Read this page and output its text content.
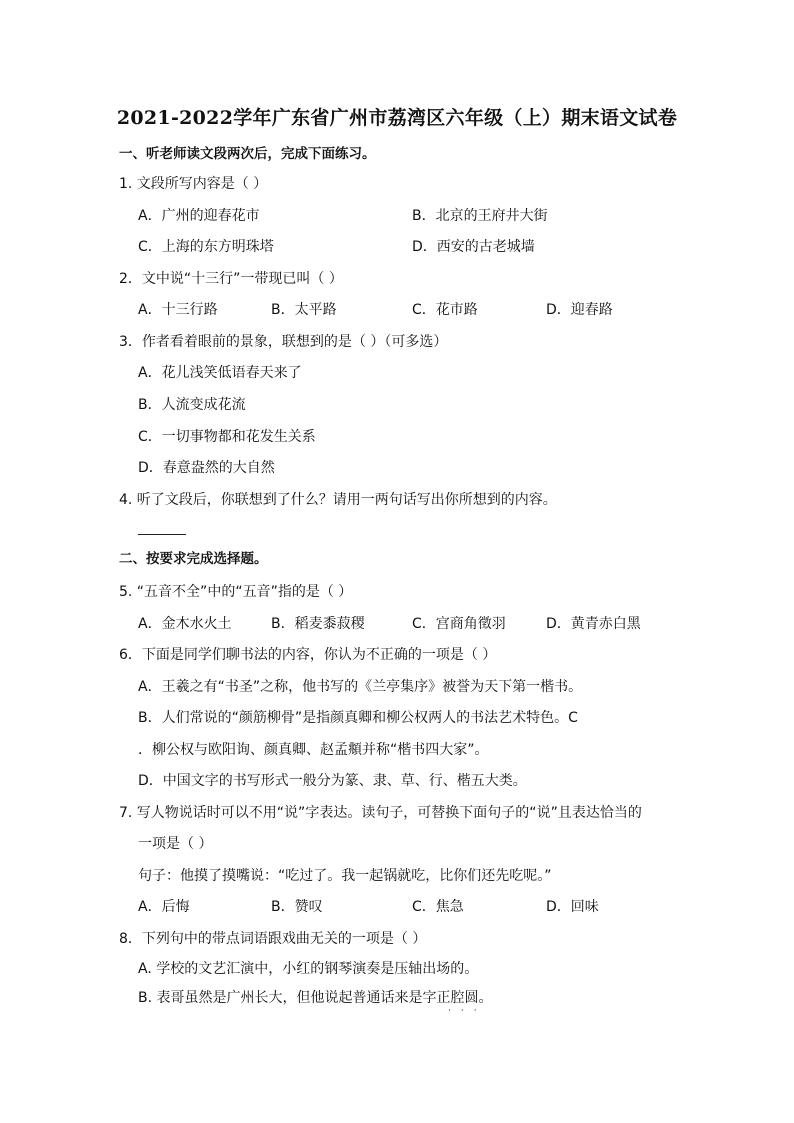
2021-2022学年广东省广州市荔湾区六年级（上）期末语文试卷
一、听老师读文段两次后，完成下面练习。
1. 文段所写内容是（ ）
A．广州的迎春花市	B．北京的王府井大街
C．上海的东方明珠塔	D．西安的古老城墙
2．文中说“十三行”一带现已叫（ ）
A．十三行路	B．太平路	C．花市路	D．迎春路
3．作者看着眼前的景象，联想到的是（ ）（可多选）
A．花儿浅笑低语春天来了
B．人流变成花流
C．一切事物都和花发生关系
D．春意盎然的大自然
4. 听了文段后，你联想到了什么？请用一两句话写出你所想到的内容。
二、按要求完成选择题。
5. “五音不全”中的“五音”指的是（ ）
A．金木水火土	B．稻麦黍菽稷	C．宫商角徵羽	D．黄青赤白黑
6．下面是同学们聊书法的内容，你认为不正确的一项是（ ）
A．王羲之有“书圣”之称，他书写的《兰亭集序》被誉为天下第一楷书。
B．人们常说的“颜筋柳骨”是指颜真卿和柳公权两人的书法艺术特色。C
．柳公权与欧阳询、颜真卿、赵孟頫并称“楷书四大家”。
D．中国文字的书写形式一般分为篆、隶、草、行、楷五大类。
7. 写人物说话时可以不用“说”字表达。读句子，可替换下面句子的“说”且表达恰当的
一项是（ ）
句子：他摸了摸嘴说：“吃过了。我一起锅就吃，比你们还先吃呢。”
A．后悔	B．赞叹	C．焦急	D．回味
8．下列句中的带点词语跟戏曲无关的一项是（ ）
A. 学校的文艺汇演中，小红的钢琴演奏是压轴出场的。
B. 表哥虽然是广州长大，但他说起普通话来是字正腔圆。
···
